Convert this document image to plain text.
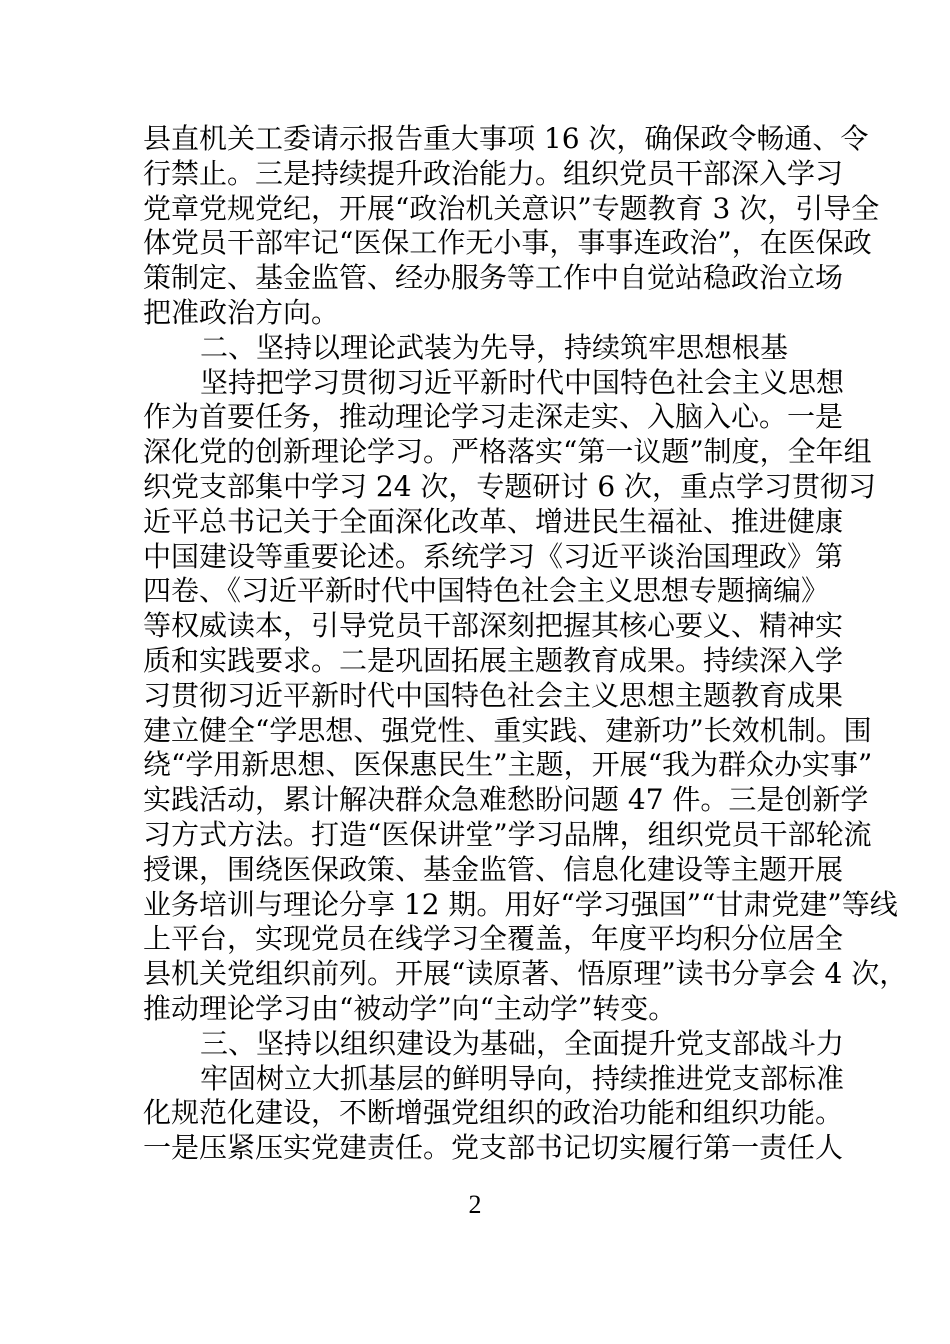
县直机关工委请示报告重大事项 16 次，确保政令畅通、令
行禁止。三是持续提升政治能力。组织党员干部深入学习
党章党规党纪，开展“政治机关意识”专题教育 3 次，引导全
体党员干部牢记“医保工作无小事，事事连政治”，在医保政
策制定、基金监管、经办服务等工作中自觉站稳政治立场
把准政治方向。
二、坚持以理论武装为先导，持续筑牢思想根基
坚持把学习贯彻习近平新时代中国特色社会主义思想
作为首要任务，推动理论学习走深走实、入脑入心。一是
深化党的创新理论学习。严格落实“第一议题”制度，全年组
织党支部集中学习 24 次，专题研讨 6 次，重点学习贯彻习
近平总书记关于全面深化改革、增进民生福祉、推进健康
中国建设等重要论述。系统学习《习近平谈治国理政》第
四卷、《习近平新时代中国特色社会主义思想专题摘编》
等权威读本，引导党员干部深刻把握其核心要义、精神实
质和实践要求。二是巩固拓展主题教育成果。持续深入学
习贯彻习近平新时代中国特色社会主义思想主题教育成果
建立健全“学思想、强党性、重实践、建新功”长效机制。围
绕“学用新思想、医保惠民生”主题，开展“我为群众办实事”
实践活动，累计解决群众急难愁盼问题 47 件。三是创新学
习方式方法。打造“医保讲堂”学习品牌，组织党员干部轮流
授课，围绕医保政策、基金监管、信息化建设等主题开展
业务培训与理论分享 12 期。用好“学习强国”“甘肃党建”等线
上平台，实现党员在线学习全覆盖，年度平均积分位居全
县机关党组织前列。开展“读原著、悟原理”读书分享会 4 次，
推动理论学习由“被动学”向“主动学”转变。
三、坚持以组织建设为基础，全面提升党支部战斗力
牢固树立大抓基层的鲜明导向，持续推进党支部标准
化规范化建设，不断增强党组织的政治功能和组织功能。
一是压紧压实党建责任。党支部书记切实履行第一责任人
2
